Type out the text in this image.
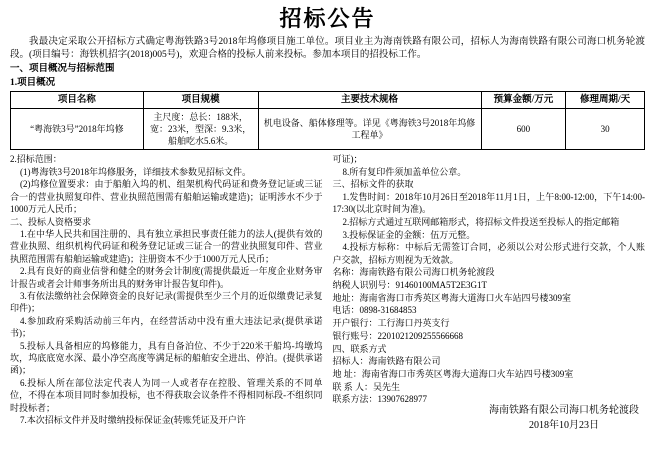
招标公告
我最决定采取公开招标方式确定粤海铁路3号2018年坞修项目施工单位。项目业主为海南铁路有限公司，招标人为海南铁路有限公司海口机务轮渡段。(项目编号：海铁机招字(2018)005号)，欢迎合格的投标人前来投标。参加本项目的招投标工作。
一、项目概况与招标范围
1.项目概况
项目名称	项目规模	主要技术规格	预算金额/万元	修理周期/天
“粤海铁3号”2018年坞修	主尺度：总长：188米，宽：23米，型深：9.3米，船舶吃水5.6米。	机电设备、船体修理等。详见《粤海铁3号2018年坞修工程单》	600	30

2.招标范围：

(1)粤海铁3号2018年坞修服务，详细技术参数见招标文件。

(2)坞修位置要求：由于船舶入坞的机、组架机构代码证和费务登记证或三证合一的营业执照复印件、营业执照范围需有船舶运输或建造)；证明涉水不少于1000万元人民币；

二、投标人资格要求

1.在中华人民共和国注册的、具有独立承担民事责任能力的法人(提供有效的营业执照、组织机构代码证和税务登记证或三证合一的营业执照复印件、营业执照范围需有船舶运输或建造)；注册资本不少于1000万元人民币；

2.具有良好的商业信誉和健全的财务会计制度(需提供最近一年度企业财务审计报告或者会计师事务所出具的财务审计报告复印件)。

3.有依法缴纳社会保障资金的良好记录(需提供至少三个月的近似缴费记录复印件)；

4.参加政府采购活动前三年内，在经营活动中没有重大违法记录(提供承诺书)；

5.投标人具备相应的坞修能力，具有自备泊位、不少于220米干船坞-坞墩坞坎，坞底底宽水深、最小净空高度等满足标的船舶安全进出、停泊。(提供承诺函)；

6.投标人所在部位法定代表人为同一人或者存在控股、管理关系的不同单位，不得在本项目同时参加投标，也不得获取会议条件不得相同标段-不组织同时投标者；

7.本次招标文件并及时缴纳投标保证金(转账凭证及开户许

可证)；

8.所有复印件须加盖单位公章。

三、招标文件的获取

1.发售时间：2018年10月26日至2018年11月1日，上午8:00-12:00，下午14:00-17:30(以北京时间为准)。

2.招标方式通过互联网邮箱形式，将招标文件投送至投标人的指定邮箱

3.投标保证金的金额：伍万元整。

4.投标方标称：中标后无需签订合同，必须以公对公形式进行交款，个人账户交款，招标方则视为无效款。

名称：海南铁路有限公司海口机务轮渡段

纳税人识别号：91460100MA5T2E3G1T

地址：海南省海口市秀英区粤海大道海口火车站四号楼309室

电话：0898-31684853

开户银行：工行海口丹英支行

银行账号：2201021209255566668

四、联系方式

招标人：海南铁路有限公司

地 址：海南省海口市秀英区粤海大道海口火车站四号楼309室

联 系 人：吴先生

联系方法：13907628977

海南铁路有限公司海口机务轮渡段
2018年10月23日
